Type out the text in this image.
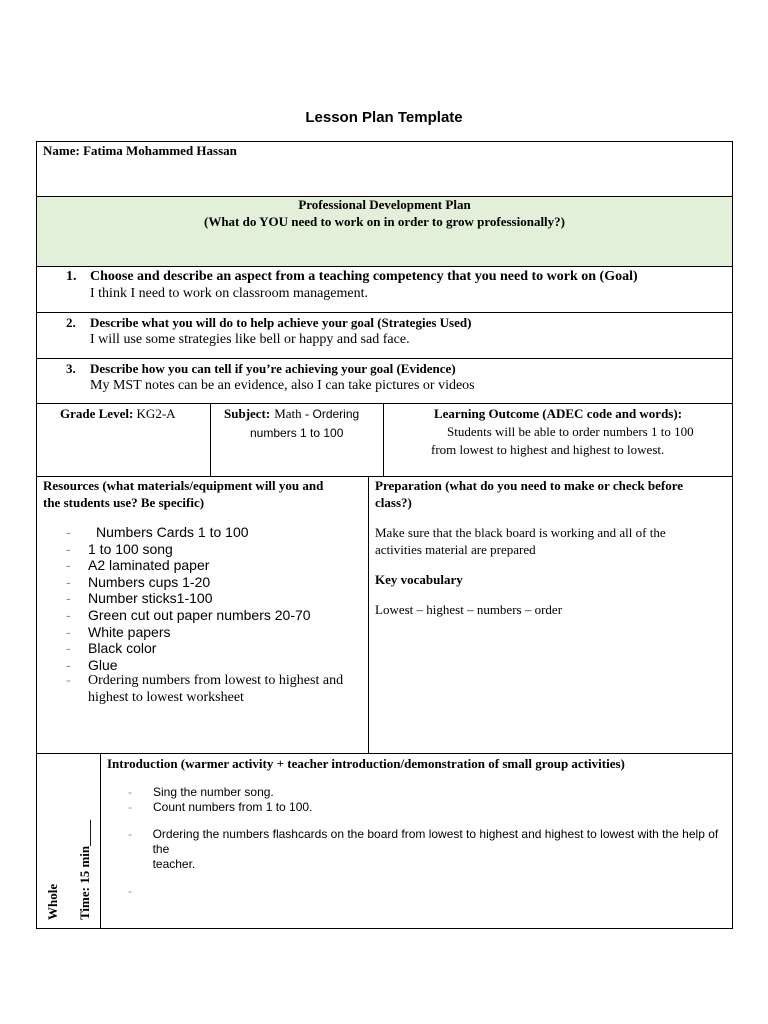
Lesson Plan Template
Name: Fatima Mohammed Hassan
Professional Development Plan
(What do YOU need to work on in order to grow professionally?)
1. Choose and describe an aspect from a teaching competency that you need to work on (Goal)
I think I need to work on classroom management.
2.	Describe what you will do to help achieve your goal (Strategies Used)
I will use some strategies like bell or happy and sad face.
3.	Describe how you can tell if you’re achieving your goal (Evidence)
My MST notes can be an evidence, also I can take pictures or videos
Grade Level: KG2-A	Subject: Math - Ordering
numbers 1 to 100
Learning Outcome (ADEC code and words):
Students will be able to order numbers 1 to 100
from lowest to highest and highest to lowest.
Resources (what materials/equipment will you and
the students use? Be specific)
-	Numbers Cards 1 to 100
-	1 to 100 song
-	A2 laminated paper
-	Numbers cups 1-20
-	Number sticks1-100
-	Green cut out paper numbers 20-70
-	White papers
-	Black color
-	Glue
-	Ordering numbers from lowest to highest and
highest to lowest worksheet
Preparation (what do you need to make or check before
class?)
Make sure that the black board is working and all of the
activities material are prepared
Key vocabulary
Lowest – highest – numbers – order
Introduction (warmer activity + teacher introduction/demonstration of small group activities)
-	Sing the number song.
-	Count numbers from 1 to 100.
-	Ordering the numbers flashcards on the board from lowest to highest and highest to lowest with the help of the
teacher.
-
Whole Time: 15 min____
